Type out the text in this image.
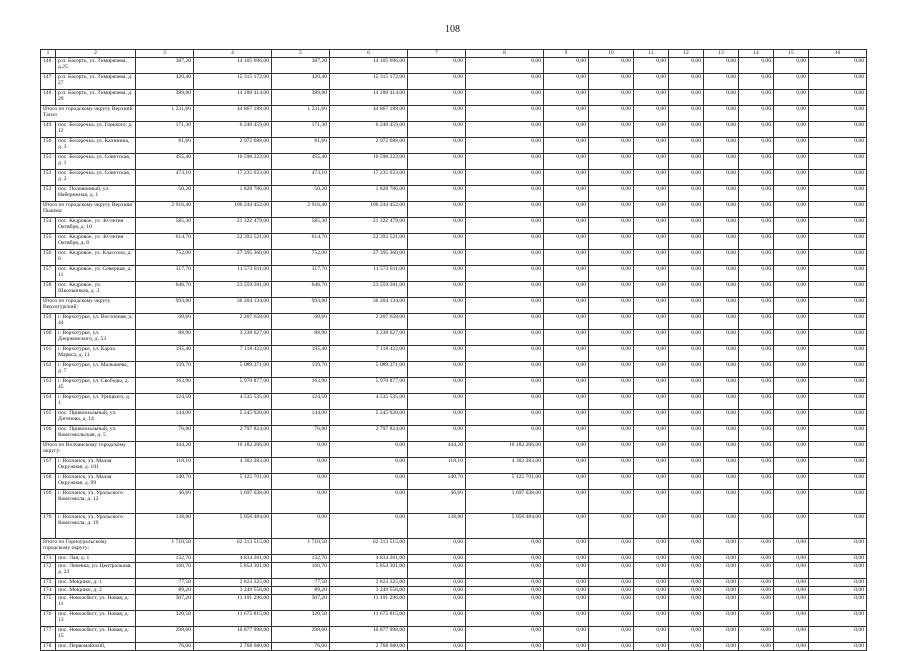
108
1	2	3	4	5	6	7	8	9	10	11	12	13	14	15	16
148	р.п. Басерть, ул. Тимирязева, д.25	387,20	14 105 696,00	387,20	14 105 696,00	0,00	0,00	0,00	0,00	0,00	0,00	0,00	0,00	0,00	0,00
147	р.п. Басерть, ул. Тимирязева, д. 27	420,40	15 315 172,00	420,40	15 315 172,00	0,00	0,00	0,00	0,00	0,00	0,00	0,00	0,00	0,00	0,00
148	р.п. Басерть, ул. Тимирязева, д. 29	389,80	14 200 414,00	389,80	14 200 414,00	0,00	0,00	0,00	0,00	0,00	0,00	0,00	0,00	0,00	0,00
Итого по городскому округу Верхний Тагил		1 231,60	44 867 188,00	1 231,60	44 867 188,00	0,00	0,00	0,00	0,00	0,00	0,00	0,00	0,00	0,00	0,00
149	пос. Белоречка, ул. Горького, д. 12	171,30	6 240 459,00	171,30	6 240 459,00	0,00	0,00	0,00	0,00	0,00	0,00	0,00	0,00	0,00	0,00
150	пос. Белоречка, ул. Калинина, д. 3	81,60	2 972 688,00	81,60	2 972 688,00	0,00	0,00	0,00	0,00	0,00	0,00	0,00	0,00	0,00	0,00
151	пос. Белоречка, ул. Советская, д. 1	455,40	16 590 222,00	455,40	16 590 222,00	0,00	0,00	0,00	0,00	0,00	0,00	0,00	0,00	0,00	0,00
152	пос. Белоречка, ул. Советская, д. 2	473,10	17 235 033,00	473,10	17 235 033,00	0,00	0,00	0,00	0,00	0,00	0,00	0,00	0,00	0,00	0,00
153	пос. Половинный, ул. Набережная, д. 1	50,20	1 828 786,00	50,20	1 828 786,00	0,00	0,00	0,00	0,00	0,00	0,00	0,00	0,00	0,00	0,00
Итого по городскому округу Верхняя Пышма:		2 916,40	106 244 452,00	2 916,40	106 244 452,00	0,00	0,00	0,00	0,00	0,00	0,00	0,00	0,00	0,00	0,00
154	пос. Кедровое, ул. 40-летия Октября, д. 10	585,30	21 322 479,00	585,30	21 322 479,00	0,00	0,00	0,00	0,00	0,00	0,00	0,00	0,00	0,00	0,00
155	пос. Кедровое, ул. 40-летия Октября, д. 8	614,70	22 393 521,00	614,70	22 393 521,00	0,00	0,00	0,00	0,00	0,00	0,00	0,00	0,00	0,00	0,00
156	пос. Кедровое, ул. Классона, д. 6	752,00	27 395 360,00	752,00	27 395 360,00	0,00	0,00	0,00	0,00	0,00	0,00	0,00	0,00	0,00	0,00
157	пос. Кедровое, ул. Северная, д. 11	317,70	11 573 811,00	317,70	11 573 811,00	0,00	0,00	0,00	0,00	0,00	0,00	0,00	0,00	0,00	0,00
158	пос. Кедровое, ул. Школьников, д. 3	646,70	23 559 281,00	646,70	23 559 281,00	0,00	0,00	0,00	0,00	0,00	0,00	0,00	0,00	0,00	0,00
Итого по городскому округу Верхотурский:		993,80	36 204 134,00	993,80	36 204 134,00	0,00	0,00	0,00	0,00	0,00	0,00	0,00	0,00	0,00	0,00
159	г. Верхотурье, ул. Восточная, д. 44	60,60	2 207 658,00	60,60	2 207 658,00	0,00	0,00	0,00	0,00	0,00	0,00	0,00	0,00	0,00	0,00
160	г. Верхотурье, ул. Дзержинского, д. 53	88,90	3 238 627,00	88,90	3 238 627,00	0,00	0,00	0,00	0,00	0,00	0,00	0,00	0,00	0,00	0,00
161	г. Верхотурье, ул. Карла Маркса, д. 11	195,40	7 118 422,00	195,40	7 118 422,00	0,00	0,00	0,00	0,00	0,00	0,00	0,00	0,00	0,00	0,00
162	г. Верхотурье, ул. Малышева, д. 7	139,70	5 089 271,00	139,70	5 089 271,00	0,00	0,00	0,00	0,00	0,00	0,00	0,00	0,00	0,00	0,00
163	г. Верхотурье, ул. Свободы, д. 45	163,90	5 970 877,00	163,90	5 970 877,00	0,00	0,00	0,00	0,00	0,00	0,00	0,00	0,00	0,00	0,00
164	г. Верхотурье, ул. Урицкого, д. 1	124,50	4 535 535,00	124,50	4 535 535,00	0,00	0,00	0,00	0,00	0,00	0,00	0,00	0,00	0,00	0,00
165	пос. Привокзальный, ул. Дзгенова, д. 14	144,00	5 245 920,00	144,00	5 245 920,00	0,00	0,00	0,00	0,00	0,00	0,00	0,00	0,00	0,00	0,00
166	пос. Привокзальный, ул. Комсомольская, д. 5	76,80	2 797 824,00	76,80	2 797 824,00	0,00	0,00	0,00	0,00	0,00	0,00	0,00	0,00	0,00	0,00
Итого по Волчанскому городскому округу:		444,20	16 182 206,00	0,00	0,00	444,20	16 182 206,00	0,00	0,00	0,00	0,00	0,00	0,00	0,00	0,00
167	г. Волчанск, ул. Малая Окружная, д. 101	118,10	4 302 383,00	0,00	0,00	118,10	4 302 383,00	0,00	0,00	0,00	0,00	0,00	0,00	0,00	0,00
168	г. Волчанск, ул. Малая Окружная, д. 99	140,70	5 125 701,00	0,00	0,00	140,70	5 125 701,00	0,00	0,00	0,00	0,00	0,00	0,00	0,00	0,00
169	г. Волчанск, ул. Уральского Комсомола, д. 12	46,60	1 697 638,00	0,00	0,00	46,60	1 697 638,00	0,00	0,00	0,00	0,00	0,00	0,00	0,00	0,00
170	г. Волчанск, ул. Уральского Комсомола, д. 19	138,80	5 056 484,00	0,00	0,00	138,80	5 056 484,00	0,00	0,00	0,00	0,00	0,00	0,00	0,00	0,00
Итого по Горноуральскому городскому округу:		1 710,50	62 313 515,00	1 710,50	62 313 515,00	0,00	0,00	0,00	0,00	0,00	0,00	0,00	0,00	0,00	0,00
171	пос. Лая, д. 1	132,70	4 834 261,00	132,70	4 834 261,00	0,00	0,00	0,00	0,00	0,00	0,00	0,00	0,00	0,00	0,00
172	пос. Леневка, ул. Центральная, д. 23	160,70	5 854 301,00	160,70	5 854 301,00	0,00	0,00	0,00	0,00	0,00	0,00	0,00	0,00	0,00	0,00
173	пос. Мокрико, д. 1	77,50	2 823 325,00	77,50	2 823 325,00	0,00	0,00	0,00	0,00	0,00	0,00	0,00	0,00	0,00	0,00
174	пос. Мокрико, д. 2	89,20	3 249 556,00	89,20	3 249 556,00	0,00	0,00	0,00	0,00	0,00	0,00	0,00	0,00	0,00	0,00
175	пос. Новоасбест, ул. Новая, д. 11	307,20	11 191 296,00	307,20	11 191 296,00	0,00	0,00	0,00	0,00	0,00	0,00	0,00	0,00	0,00	0,00
176	пос. Новоасбест, ул. Новая, д. 13	320,50	11 675 815,00	320,50	11 675 815,00	0,00	0,00	0,00	0,00	0,00	0,00	0,00	0,00	0,00	0,00
177	пос. Новоасбест, ул. Новая, д. 15	298,60	10 877 998,00	298,60	10 877 998,00	0,00	0,00	0,00	0,00	0,00	0,00	0,00	0,00	0,00	0,00
178	пос. Первомайский,	76,00	2 768 680,00	76,00	2 768 680,00	0,00	0,00	0,00	0,00	0,00	0,00	0,00	0,00	0,00	0,00
